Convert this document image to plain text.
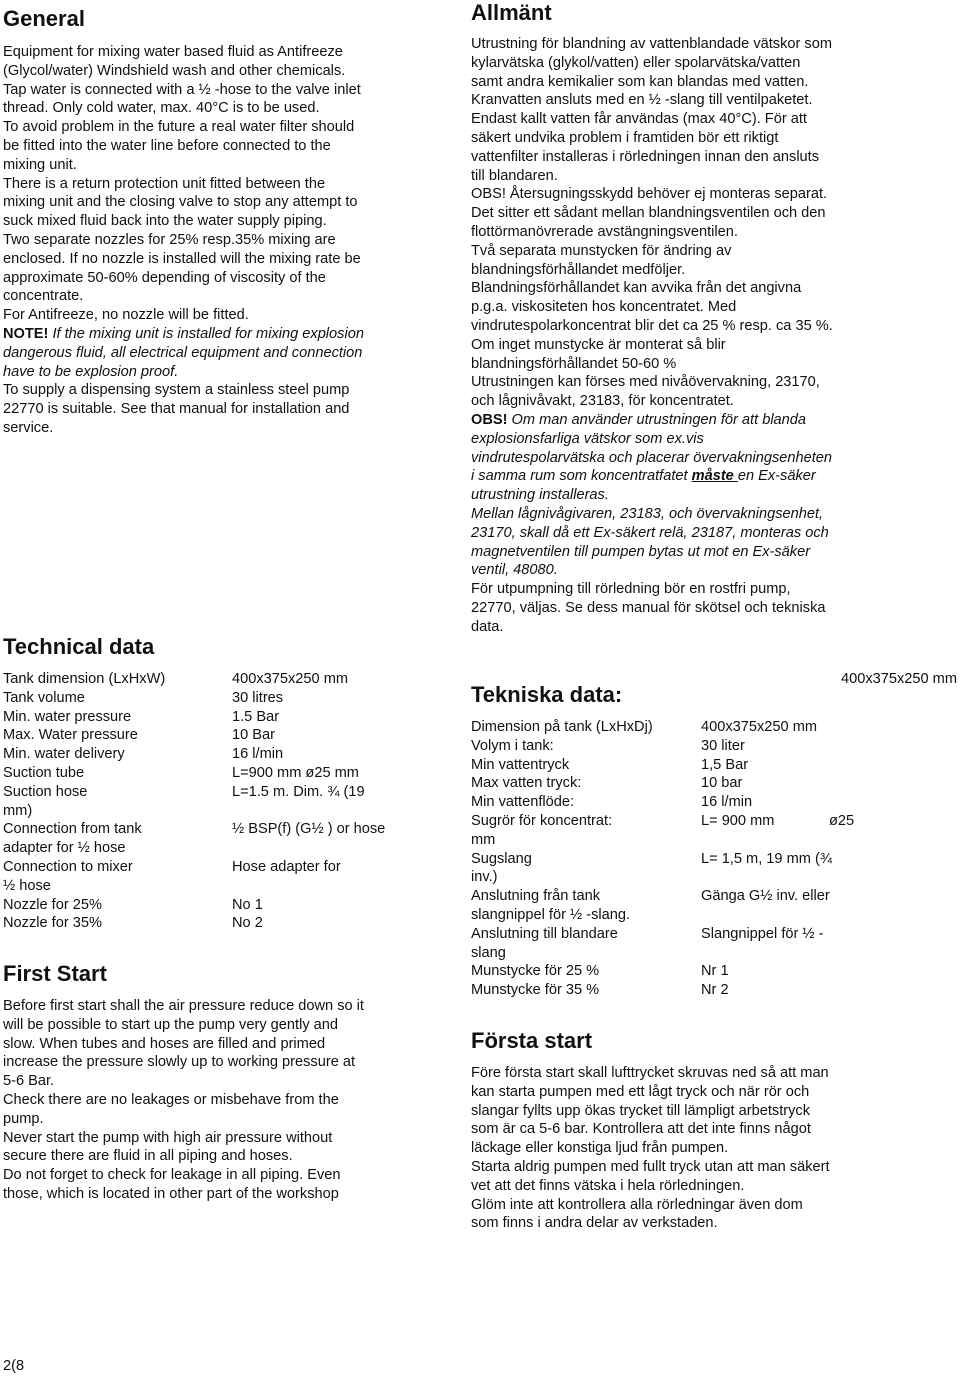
General
Equipment for mixing water based fluid as Antifreeze
(Glycol/water) Windshield wash and other chemicals.
Tap water is connected with a ½ -hose to the valve inlet
thread. Only cold water, max. 40°C is to be used.
To avoid problem in the future a real water filter should
be fitted into the water line before connected to the
mixing unit.
There is a return protection unit fitted between the
mixing unit and the closing valve to stop any attempt to
suck mixed fluid back into the water supply piping.
Two separate nozzles for 25% resp.35% mixing are
enclosed. If no nozzle is installed will the mixing rate be
approximate 50-60% depending of viscosity of the
concentrate.
For Antifreeze, no nozzle will be fitted.
NOTE! If the mixing unit is installed for mixing explosion
dangerous fluid, all electrical equipment and connection
have to be explosion proof.
To supply a dispensing system a stainless steel pump
22770 is suitable. See that manual for installation and
service.
Technical data
Tank dimension (LxHxW)	400x375x250 mm
Tank volume	30 litres
Min. water pressure	1.5 Bar
Max. Water pressure	10 Bar
Min. water delivery	16 l/min
Suction tube	L=900 mm ø25 mm
Suction hose	L=1.5 m. Dim. ¾ (19
mm)
Connection from tank	½ BSP(f) (G½ ) or hose
adapter for ½ hose
Connection to mixer	Hose adapter for
½ hose
Nozzle for 25%	No 1
Nozzle for 35%	No 2
First Start
Before first start shall the air pressure reduce down so it
will be possible to start up the pump very gently and
slow. When tubes and hoses are filled and primed
increase the pressure slowly up to working pressure at
5-6 Bar.
Check there are no leakages or misbehave from the
pump.
Never start the pump with high air pressure without
secure there are fluid in all piping and hoses.
Do not forget to check for leakage in all piping. Even
those, which is located in other part of the workshop
2(8
Allmänt
Utrustning för blandning av vattenblandade vätskor som
kylarvätska (glykol/vatten) eller spolarvätska/vatten
samt andra kemikalier som kan blandas med vatten.
Kranvatten ansluts med en ½ -slang till ventilpaketet.
Endast kallt vatten får användas (max 40°C). För att
säkert undvika problem i framtiden bör ett riktigt
vattenfilter installeras i rörledningen innan den ansluts
till blandaren.
OBS! Återsugningsskydd behöver ej monteras separat.
Det sitter ett sådant mellan blandningsventilen och den
flottörmanövrerade avstängningsventilen.
Två separata munstycken för ändring av
blandningsförhållandet medföljer.
Blandningsförhållandet kan avvika från det angivna
p.g.a. viskositeten hos koncentratet. Med
vindrutespolarkoncentrat blir det ca 25 % resp. ca 35 %.
Om inget munstycke är monterat så blir
blandningsförhållandet 50-60 %
Utrustningen kan förses med nivåövervakning, 23170,
och lågnivåvakt, 23183, för koncentratet.
OBS! Om man använder utrustningen för att blanda
explosionsfarliga vätskor som ex.vis
vindrutespolarvätska och placerar övervakningsenheten
i samma rum som koncentratfatet måste en Ex-säker
utrustning installeras.
Mellan lågnivågivaren, 23183, och övervakningsenhet,
23170, skall då ett Ex-säkert relä, 23187, monteras och
magnetventilen till pumpen bytas ut mot en Ex-säker
ventil, 48080.
För utpumpning till rörledning bör en rostfri pump,
22770, väljas. Se dess manual för skötsel och tekniska
data.
400x375x250 mm
Tekniska data:
Dimension på tank (LxHxDj)	400x375x250 mm
Volym i tank:	30 liter
Min vattentryck	1,5 Bar
Max vatten tryck:	10 bar
Min vattenflöde:	16 l/min
Sugrör för koncentrat:	L= 900 mm	ø25
mm
Sugslang	L= 1,5 m, 19 mm (¾
inv.)
Anslutning från tank	Gänga G½ inv. eller
slangnippel för ½ -slang.
Anslutning till blandare	Slangnippel för ½ -
slang
Munstycke för 25 %	Nr 1
Munstycke för 35 %	Nr 2
Första start
Före första start skall lufttrycket skruvas ned så att man
kan starta pumpen med ett lågt tryck och när rör och
slangar fyllts upp ökas trycket till lämpligt arbetstryck
som är ca 5-6 bar. Kontrollera att det inte finns något
läckage eller konstiga ljud från pumpen.
Starta aldrig pumpen med fullt tryck utan att man säkert
vet att det finns vätska i hela rörledningen.
Glöm inte att kontrollera alla rörledningar även dom
som finns i andra delar av verkstaden.
